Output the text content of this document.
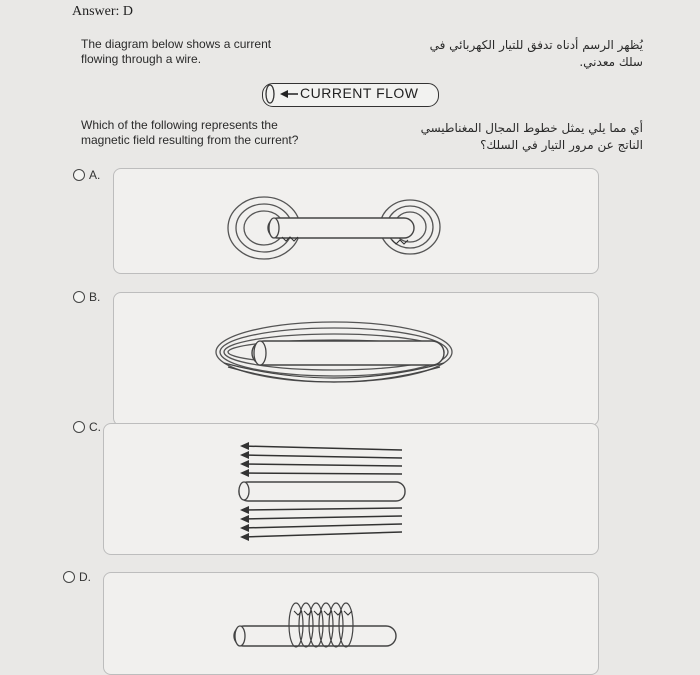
Answer: D
The diagram below shows a current
flowing through a wire.
يُظهر الرسم أدناه تدفق للتيار الكهربائي في
سلك معدني.
CURRENT FLOW
Which of the following represents the
magnetic field resulting from the current?
أي مما يلي يمثل خطوط المجال المغناطيسي
الناتج عن مرور التيار في السلك؟
A.
B.
C.
D.
